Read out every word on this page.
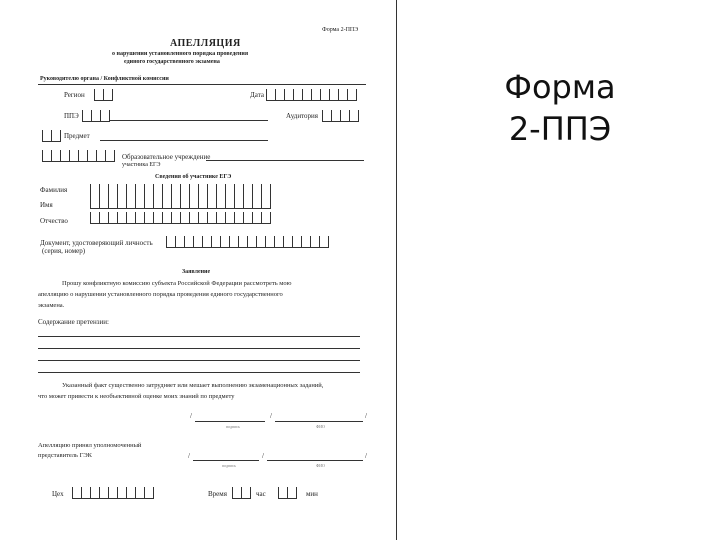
Форма 2-ППЭ
АПЕЛЛЯЦИЯ
о нарушении установленного порядка проведения
единого государственного экзамена
Руководителю органа / Конфликтной комиссии
Регион	Дата
ППЭ	Аудитория
Предмет
Образовательное учреждение
участника ЕГЭ
Сведения об участнике ЕГЭ
Фамилия
Имя
Отчество
Документ, удостоверяющий личность
(серия, номер)
Заявление
Прошу конфликтную комиссию субъекта Российской Федерации рассмотреть мою
апелляцию о нарушении установленного порядка проведения единого государственного
экзамена.
Содержание претензии:
Указанный факт существенно затрудняет или мешает выполнению экзаменационных заданий,
что может привести к необъективной оценке моих знаний по предмету
/	/	/
подпись	ФИО
Апелляцию принял уполномоченный
представитель ГЭК	/	/	/
подпись	ФИО
Цех	Время	час	мин
Форма
2-ППЭ
